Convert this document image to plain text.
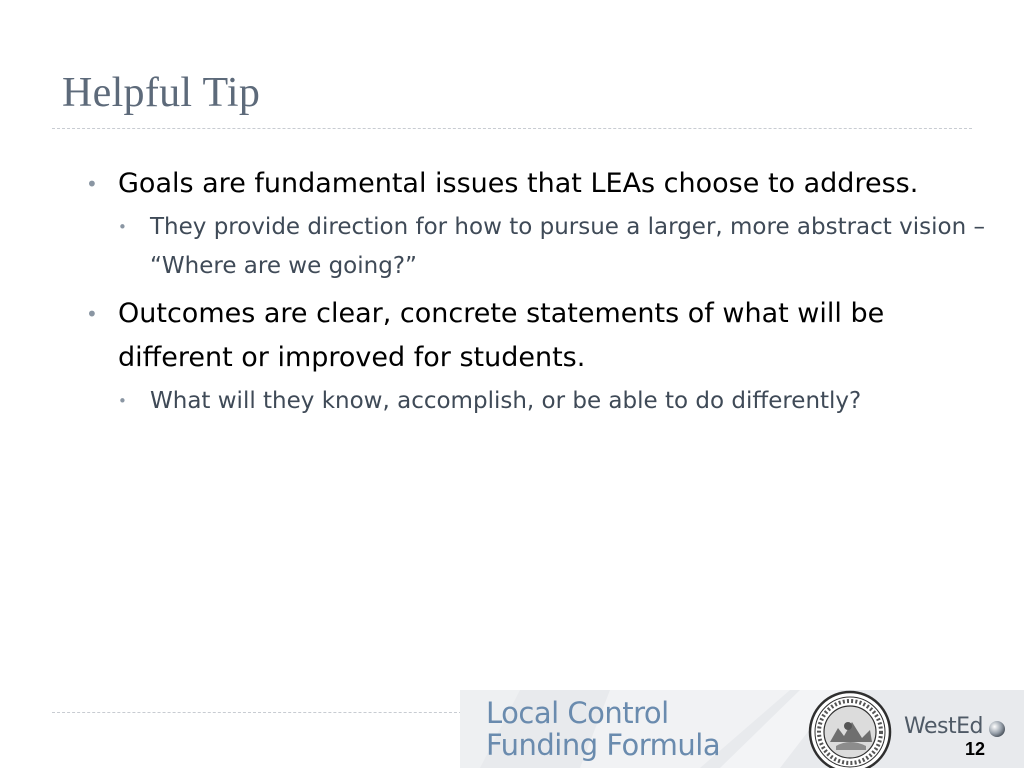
Helpful Tip
• Goals are fundamental issues that LEAs choose to address.
• They provide direction for how to pursue a larger, more abstract vision – “Where are we going?”
• Outcomes are clear, concrete statements of what will be different or improved for students.
• What will they know, accomplish, or be able to do differently?
Local Control
Funding Formula
WestEd
12
